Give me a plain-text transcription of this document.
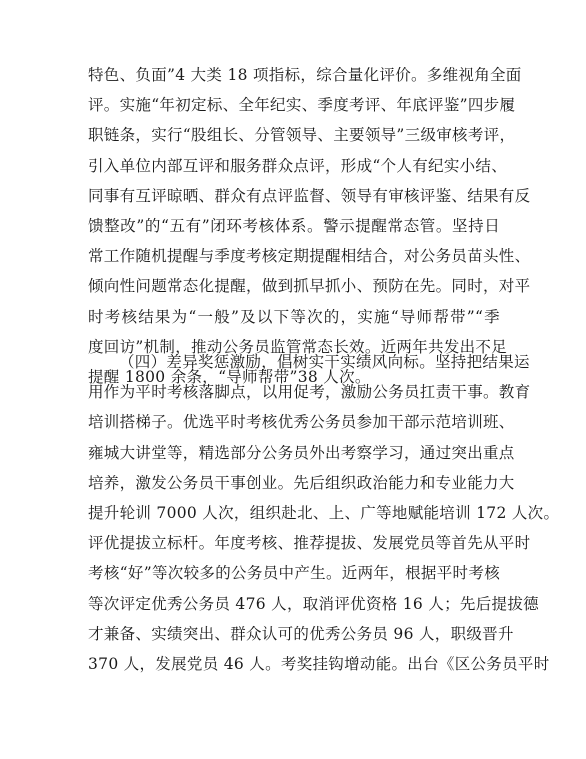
特色、负面”4 大类 18 项指标，综合量化评价。多维视角全面
评。实施“年初定标、全年纪实、季度考评、年底评鉴”四步履
职链条，实行“股组长、分管领导、主要领导”三级审核考评，
引入单位内部互评和服务群众点评，形成“个人有纪实小结、
同事有互评晾晒、群众有点评监督、领导有审核评鉴、结果有反
馈整改”的“五有”闭环考核体系。警示提醒常态管。坚持日
常工作随机提醒与季度考核定期提醒相结合，对公务员苗头性、
倾向性问题常态化提醒，做到抓早抓小、预防在先。同时，对平
时考核结果为“一般”及以下等次的，实施“导师帮带”“季
度回访”机制，推动公务员监管常态长效。近两年共发出不足
提醒 1800 余条，“导师帮带”38 人次。
（四）差异奖惩激励，倡树实干实绩风向标。坚持把结果运
用作为平时考核落脚点，以用促考，激励公务员扛责干事。教育
培训搭梯子。优选平时考核优秀公务员参加干部示范培训班、
雍城大讲堂等，精选部分公务员外出考察学习，通过突出重点
培养，激发公务员干事创业。先后组织政治能力和专业能力大
提升轮训 7000 人次，组织赴北、上、广等地赋能培训 172 人次。
评优提拔立标杆。年度考核、推荐提拔、发展党员等首先从平时
考核“好”等次较多的公务员中产生。近两年，根据平时考核
等次评定优秀公务员 476 人，取消评优资格 16 人；先后提拔德
才兼备、实绩突出、群众认可的优秀公务员 96 人，职级晋升
370 人，发展党员 46 人。考奖挂钩增动能。出台《区公务员平时
